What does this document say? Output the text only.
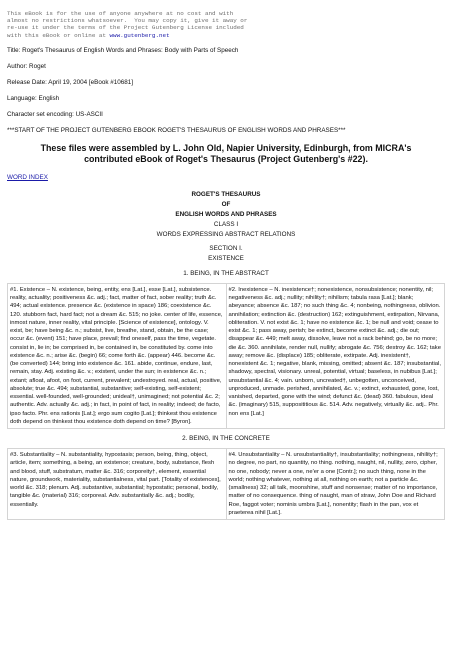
This eBook is for the use of anyone anywhere at no cost and with
almost no restrictions whatsoever.  You may copy it, give it away or
re-use it under the terms of the Project Gutenberg License included
with this eBook or online at www.gutenberg.net

Title: Roget's Thesaurus of English Words and Phrases: Body with Parts of Speech

Author: Roget

Release Date: April 19, 2004 [eBook #10681]

Language: English

Character set encoding: US-ASCII

***START OF THE PROJECT GUTENBERG EBOOK ROGET'S THESAURUS OF ENGLISH WORDS AND PHRASES***

These files were assembled by L. John Old, Napier University, Edinburgh, from MICRA's contributed eBook of Roget's Thesaurus (Project Gutenberg's #22).
WORD INDEX
ROGET'S THESAURUS
OF
ENGLISH WORDS AND PHRASES
CLASS I
WORDS EXPRESSING ABSTRACT RELATIONS
SECTION I.
EXISTENCE
1. BEING, IN THE ABSTRACT
#1. Existence – N. existence, being, entity, ens [Lat.], esse [Lat.], subsistence. reality, actuality; positiveness &c. adj.; fact, matter of fact, sober reality; truth &c. 494; actual existence. presence &c. (existence in space) 186; coexistence &c. 120. stubborn fact, hard fact; not a dream &c. 515; no joke. center of life, essence, inmost nature, inner reality, vital principle. [Science of existence], ontology. V. exist, be; have being &c. n.; subsist, live, breathe, stand, obtain, be the case; occur &c. (event) 151; have place, prevail; find oneself, pass the time, vegetate. consist in, lie in; be comprised in, be contained in, be constituted by. come into existence &c. n.; arise &c. (begin) 66; come forth &c. (appear) 446. become &c. (be converted) 144; bring into existence &c. 161. abide, continue, endure, last, remain, stay. Adj. existing &c. v.; existent, under the sun; in existence &c. n.; extant; afloat, afoot, on foot, current, prevalent; undestroyed. real, actual, positive, absolute; true &c. 494; substantial, substantive; self-existing, self-existent; essential. well-founded, well-grounded; unideal†, unimagined; not potential &c. 2; authentic. Adv. actually &c. adj.; in fact, in point of fact, in reality; indeed; de facto, ipso facto. Phr. ens rationis [Lat.]; ergo sum cogito [Lat.]; thinkest thou existence doth depend on thinkest thou existence doth depend on time? [Byron].	#2. Inexistence – N. inexistence†; nonexistence, nonsubsistence; nonentity, nil; negativeness &c. adj.; nullity; nihility†; nihilism; tabula rasa [Lat.]; blank; abeyance; absence &c. 187; no such thing &c. 4; nonbeing, nothingness, oblivion. annihilation; extinction &c. (destruction) 162; extinguishment, extirpation, Nirvana, obliteration. V. not exist &c. 1; have no existence &c. 1; be null and void; cease to exist &c. 1; pass away, perish; be extinct, become extinct &c. adj.; die out; disappear &c. 449; melt away, dissolve, leave not a rack behind; go, be no more; die &c. 360. annihilate, render null, nullify; abrogate &c. 756; destroy &c. 162; take away; remove &c. (displace) 185; obliterate, extirpate. Adj. inexistent†, nonexistent &c. 1; negative, blank, missing, omitted; absent &c. 187; insubstantial, shadowy, spectral, visionary. unreal, potential, virtual; baseless, in nubibus [Lat.]; unsubstantial &c. 4; vain. unborn, uncreated†, unbegotten, unconceived, unproduced, unmade. perished, annihilated, &c. v.; extinct, exhausted, gone, lost, vanished, departed, gone with the wind; defunct &c. (dead) 360. fabulous, ideal &c. (imaginary) 515, supposititious &c. 514. Adv. negatively, virtually &c. adj.. Phr. non ens [Lat.]
2. BEING, IN THE CONCRETE
#3. Substantiality – N. substantiality, hypostasis; person, being, thing, object, article, item; something, a being, an existence; creature, body, substance, flesh and blood, stuff, substratum, matter &c. 316; corporeity†, element, essential nature, groundwork, materiality, substantialness, vital part. [Totality of existences], world &c. 318; plenum. Adj. substantive, substantial; hypostatic; personal, bodily, tangible &c. (material) 316; corporeal. Adv. substantially &c. adj.; bodily, essentially.	#4. Unsubstantiality – N. unsubstantiality†, insubstantiality; nothingness, nihility†; no degree, no part, no quantity, no thing. nothing, naught, nil, nullity, zero, cipher, no one, nobody; never a one, ne'er a one [Contr.]; no such thing, none in the world; nothing whatever, nothing at all, nothing on earth; not a particle &c. (smallness) 32; all talk, moonshine, stuff and nonsense; matter of no importance, matter of no consequence. thing of naught, man of straw, John Doe and Richard Roe, faggot voter; nominis umbra [Lat.], nonentity; flash in the pan, vox et praeterea nihil [Lat.].
